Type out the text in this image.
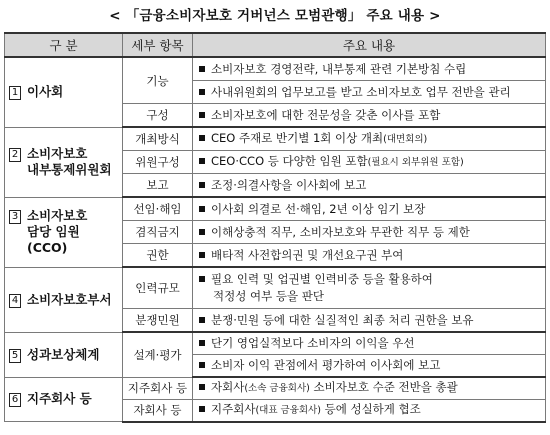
< 「금융소비자보호 거버넌스 모범관행」 주요 내용 >
구 분	세부 항목	주요 내용
1 이사회	기능	소비자보호 경영전략, 내부통제 관련 기본방침 수립
		사내위원회의 업무보고를 받고 소비자보호 업무 전반을 관리
	구성	소비자보호에 대한 전문성을 갖춘 이사를 포함
2 소비자보호
내부통제위원회	개최방식	CEO 주재로 반기별 1회 이상 개최(대면회의)
	위원구성	CEO·CCO 등 다양한 임원 포함(필요시 외부위원 포함)
	보고	조정·의결사항을 이사회에 보고
3 소비자보호
담당 임원(CCO)	선임·해임	이사회 의결로 선·해임, 2년 이상 임기 보장
	겸직금지	이해상충적 직무, 소비자보호와 무관한 직무 등 제한
	권한	배타적 사전합의권 및 개선요구권 부여
4 소비자보호부서	인력규모	필요 인력 및 업권별 인력비중 등을 활용하여
적정성 여부 등을 판단

	분쟁민원	분쟁·민원 등에 대한 실질적인 최종 처리 권한을 보유
5 성과보상체계	설계·평가	단기 영업실적보다 소비자의 이익을 우선
		소비자 이익 관점에서 평가하여 이사회에 보고
6 지주회사 등	지주회사 등	자회사(소속 금융회사) 소비자보호 수준 전반을 총괄
	자회사 등	지주회사(대표 금융회사) 등에 성실하게 협조
